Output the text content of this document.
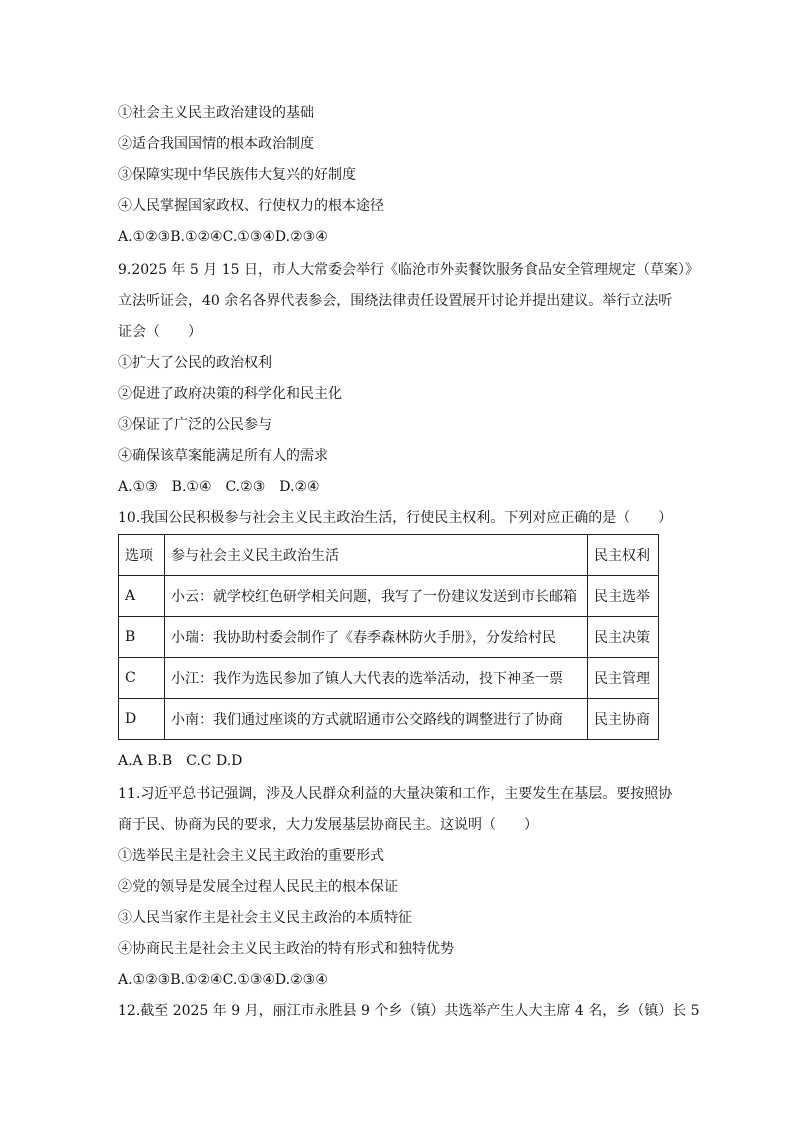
①社会主义民主政治建设的基础
②适合我国国情的根本政治制度
③保障实现中华民族伟大复兴的好制度
④人民掌握国家政权、行使权力的根本途径
A.①②③B.①②④C.①③④D.②③④
9.2025 年 5 月 15 日，市人大常委会举行《临沧市外卖餐饮服务食品安全管理规定（草案）》
立法听证会，40 余名各界代表参会，围绕法律责任设置展开讨论并提出建议。举行立法听
证会（　　）
①扩大了公民的政治权利
②促进了政府决策的科学化和民主化
③保证了广泛的公民参与
④确保该草案能满足所有人的需求
A.①③　B.①④　C.②③　D.②④
10.我国公民积极参与社会主义民主政治生活，行使民主权利。下列对应正确的是（　　）
选项	参与社会主义民主政治生活	民主权利
A	小云：就学校红色研学相关问题，我写了一份建议发送到市长邮箱	民主选举
B	小瑞：我协助村委会制作了《春季森林防火手册》，分发给村民	民主决策
C	小江：我作为选民参加了镇人大代表的选举活动，投下神圣一票	民主管理
D	小南：我们通过座谈的方式就昭通市公交路线的调整进行了协商	民主协商
A.A B.B　C.C D.D
11.习近平总书记强调，涉及人民群众利益的大量决策和工作，主要发生在基层。要按照协
商于民、协商为民的要求，大力发展基层协商民主。这说明（　　）
①选举民主是社会主义民主政治的重要形式
②党的领导是发展全过程人民民主的根本保证
③人民当家作主是社会主义民主政治的本质特征
④协商民主是社会主义民主政治的特有形式和独特优势
A.①②③B.①②④C.①③④D.②③④
12.截至 2025 年 9 月，丽江市永胜县 9 个乡（镇）共选举产生人大主席 4 名，乡（镇）长 5
